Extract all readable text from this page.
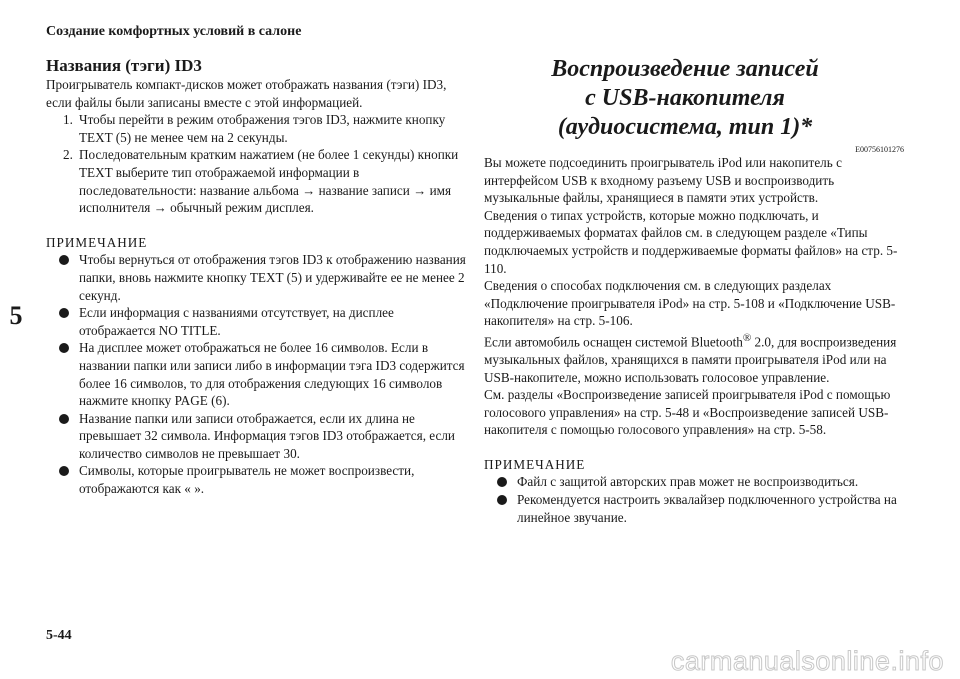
Создание комфортных условий в салоне
5
Названия (тэги) ID3

Проигрыватель компакт-дисков может отображать названия (тэги) ID3, если файлы были записаны вместе с этой информацией.

1. Чтобы перейти в режим отображения тэгов ID3, нажмите кнопку TEXT (5) не менее чем на 2 секунды.
2. Последовательным кратким нажатием (не более 1 секунды) кнопки TEXT выберите тип отображаемой информации в последовательности: название альбома → название записи → имя исполнителя → обычный режим дисплея.
ПРИМЕЧАНИЕ
Чтобы вернуться от отображения тэгов ID3 к отображению названия папки, вновь нажмите кнопку TEXT (5) и удерживайте ее не менее 2 секунд.
Если информация с названиями отсутствует, на дисплее отображается NO TITLE.
На дисплее может отображаться не более 16 символов. Если в названии папки или записи либо в информации тэга ID3 содержится более 16 символов, то для отображения следующих 16 символов нажмите кнопку PAGE (6).
Название папки или записи отображается, если их длина не превышает 32 символа. Информация тэгов ID3 отображается, если количество символов не превышает 30.
Символы, которые проигрыватель не может воспроизвести, отображаются как « ».
Воспроизведение записей
с USB-накопителя
(аудиосистема, тип 1)*
E00756101276

Вы можете подсоединить проигрыватель iPod или накопитель с интерфейсом USB к входному разъему USB и воспроизводить музыкальные файлы, хранящиеся в памяти этих устройств.

Сведения о типах устройств, которые можно подключать, и поддерживаемых форматах файлов см. в следующем разделе «Типы подключаемых устройств и поддерживаемые форматы файлов» на стр. 5-110.

Сведения о способах подключения см. в следующих разделах «Подключение проигрывателя iPod» на стр. 5-108 и «Подключение USB-накопителя» на стр. 5-106.

Если автомобиль оснащен системой Bluetooth® 2.0, для воспроизведения музыкальных файлов, хранящихся в памяти проигрывателя iPod или на USB-накопителе, можно использовать голосовое управление.

См. разделы «Воспроизведение записей проигрывателя iPod с помощью голосового управления» на стр. 5-48 и «Воспроизведение записей USB-накопителя с помощью голосового управления» на стр. 5-58.

ПРИМЕЧАНИЕ
Файл с защитой авторских прав может не воспроизводиться.
Рекомендуется настроить эквалайзер подключенного устройства на линейное звучание.
5-44
carmanualsonline.info
